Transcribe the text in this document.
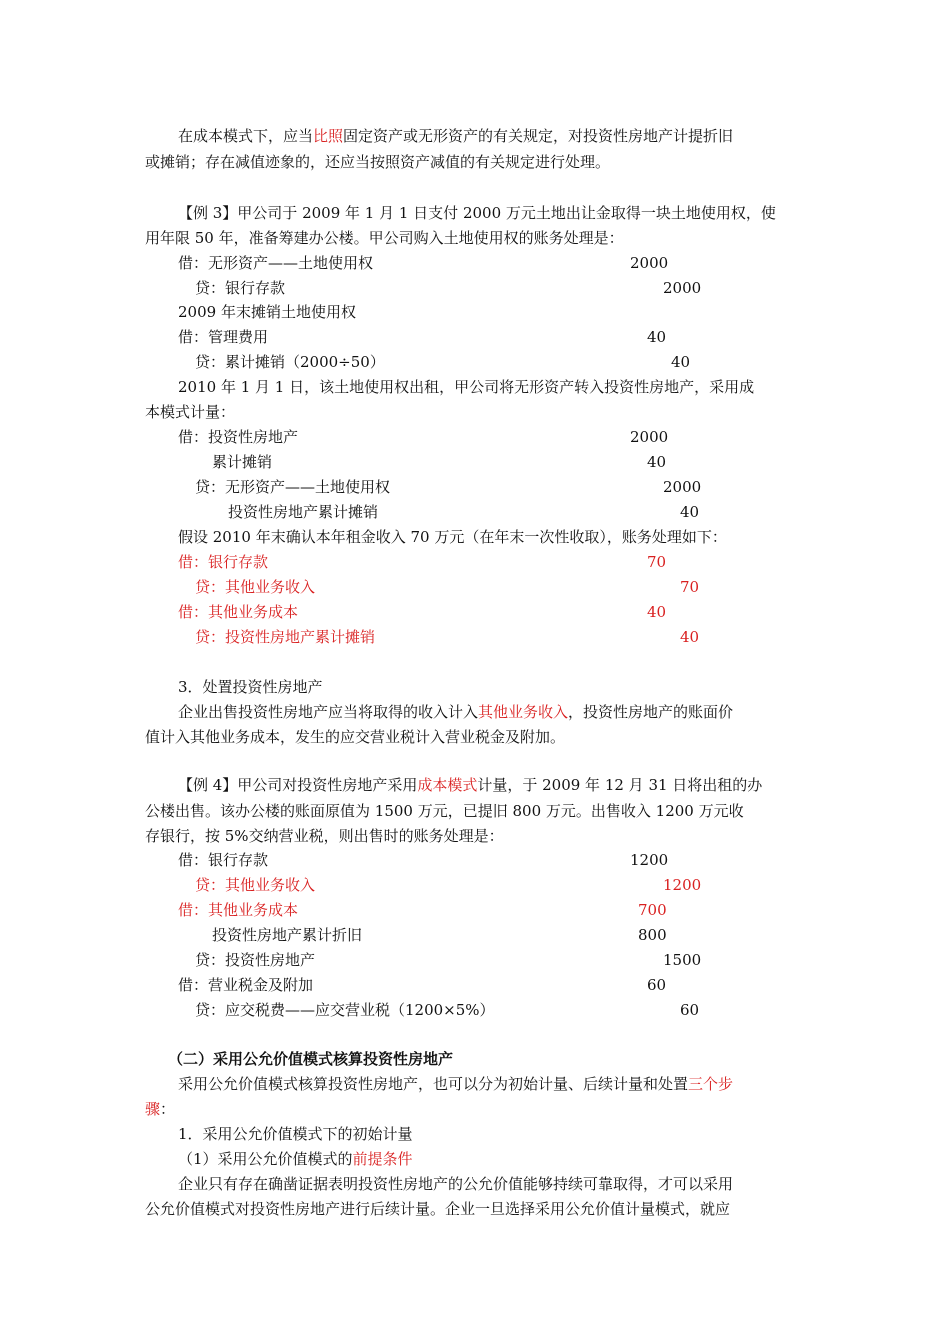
在成本模式下，应当比照固定资产或无形资产的有关规定，对投资性房地产计提折旧
或摊销；存在减值迹象的，还应当按照资产减值的有关规定进行处理。
【例 3】甲公司于 2009 年 1 月 1 日支付 2000 万元土地出让金取得一块土地使用权，使
用年限 50 年，准备筹建办公楼。甲公司购入土地使用权的账务处理是：
借：无形资产——土地使用权	2000
贷：银行存款	2000
2009 年末摊销土地使用权
借：管理费用	40
贷：累计摊销（2000÷50）	40
2010 年 1 月 1 日，该土地使用权出租，甲公司将无形资产转入投资性房地产，采用成
本模式计量：
借：投资性房地产	2000
累计摊销	40
贷：无形资产——土地使用权	2000
投资性房地产累计摊销	40
假设 2010 年末确认本年租金收入 70 万元（在年末一次性收取），账务处理如下：
借：银行存款	70
贷：其他业务收入	70
借：其他业务成本	40
贷：投资性房地产累计摊销	40
3．处置投资性房地产
企业出售投资性房地产应当将取得的收入计入其他业务收入，投资性房地产的账面价
值计入其他业务成本，发生的应交营业税计入营业税金及附加。
【例 4】甲公司对投资性房地产采用成本模式计量，于 2009 年 12 月 31 日将出租的办
公楼出售。该办公楼的账面原值为 1500 万元，已提旧 800 万元。出售收入 1200 万元收
存银行，按 5%交纳营业税，则出售时的账务处理是：
借：银行存款	1200
贷：其他业务收入	1200
借：其他业务成本	700
投资性房地产累计折旧	800
贷：投资性房地产	1500
借：营业税金及附加	60
贷：应交税费——应交营业税（1200×5%）	60
（二）采用公允价值模式核算投资性房地产
采用公允价值模式核算投资性房地产，也可以分为初始计量、后续计量和处置三个步
骤：
1．采用公允价值模式下的初始计量
（1）采用公允价值模式的前提条件
企业只有存在确凿证据表明投资性房地产的公允价值能够持续可靠取得，才可以采用
公允价值模式对投资性房地产进行后续计量。企业一旦选择采用公允价值计量模式，就应
